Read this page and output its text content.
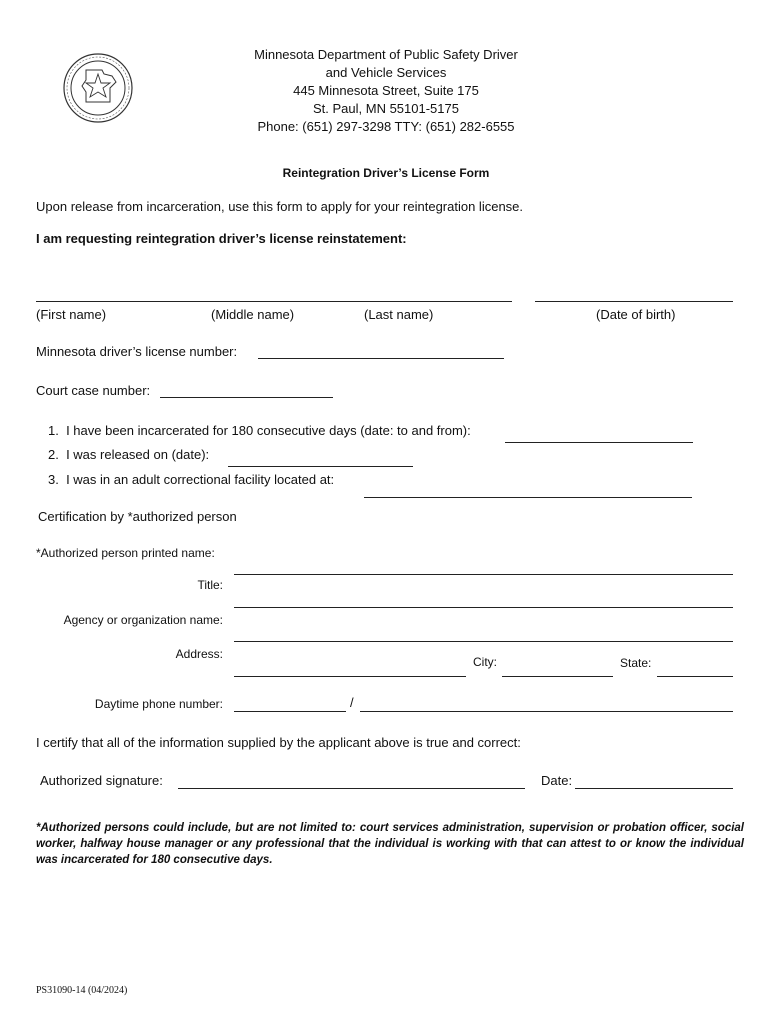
Minnesota Department of Public Safety Driver
and Vehicle Services
445 Minnesota Street, Suite 175
St. Paul, MN 55101-5175
Phone: (651) 297-3298 TTY: (651) 282-6555
Reintegration Driver’s License Form
Upon release from incarceration, use this form to apply for your reintegration license.
I am requesting reintegration driver’s license reinstatement:
(First name)	(Middle name)	(Last name)	(Date of birth)
Minnesota driver’s license number:
Court case number:
1.  I have been incarcerated for 180 consecutive days (date: to and from):
2.  I was released on (date):
3.  I was in an adult correctional facility located at:
Certification by *authorized person
*Authorized person printed name:
Title:
Agency or organization name:
Address:
City:	State:
Daytime phone number:	/
I certify that all of the information supplied by the applicant above is true and correct:
Authorized signature:	Date:
*Authorized persons could include, but are not limited to: court services administration, supervision or probation officer, social worker, halfway house manager or any professional that the individual is working with that can attest to or know the individual was incarcerated for 180 consecutive days.
PS31090-14 (04/2024)
